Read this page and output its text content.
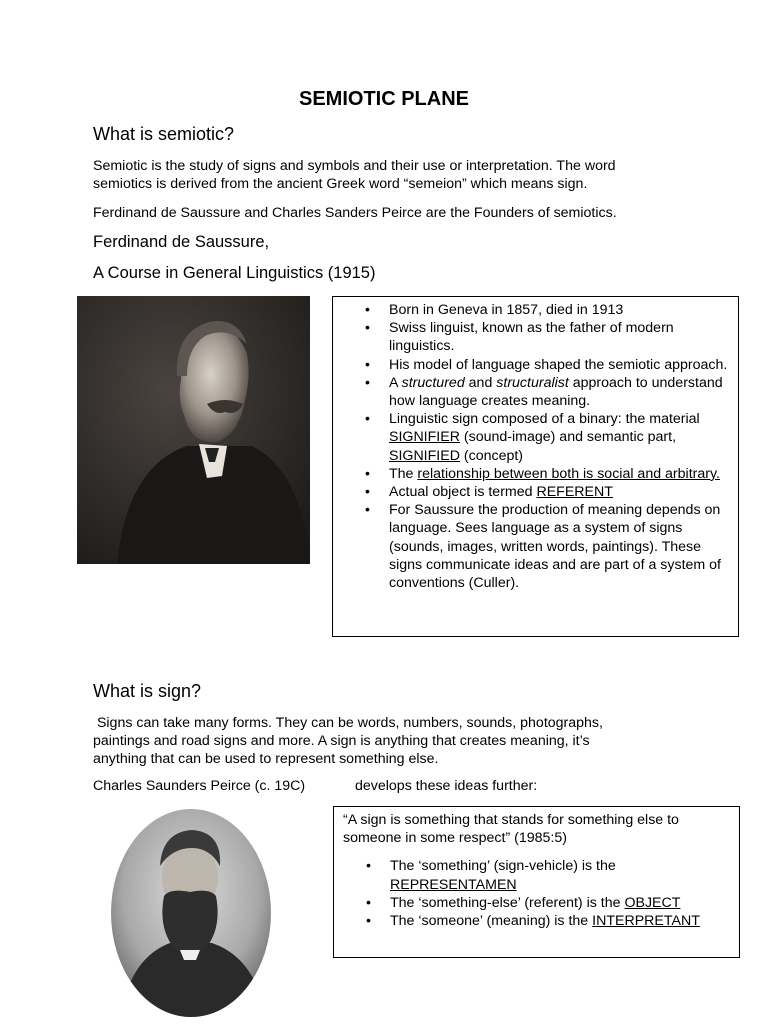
SEMIOTIC PLANE
What is semiotic?
Semiotic is the study of signs and symbols and their use or interpretation. The word
semiotics is derived from the ancient Greek word “semeion” which means sign.
Ferdinand de Saussure and Charles Sanders Peirce are the Founders of semiotics.
Ferdinand de Saussure,
A Course in General Linguistics (1915)
•	Born in Geneva in 1857, died in 1913
•	Swiss linguist, known as the father of modern linguistics.
•	His model of language shaped the semiotic approach.
•	A structured and structuralist approach to understand how language creates meaning.
•	Linguistic sign composed of a binary: the material SIGNIFIER (sound-image) and semantic part, SIGNIFIED (concept)
•	The relationship between both is social and arbitrary.
•	Actual object is termed REFERENT
•	For Saussure the production of meaning depends on language. Sees language as a system of signs (sounds, images, written words, paintings). These signs communicate ideas and are part of a system of conventions (Culler).
What is sign?
Signs can take many forms. They can be words, numbers, sounds, photographs,
paintings and road signs and more. A sign is anything that creates meaning, it’s
anything that can be used to represent something else.
Charles Saunders Peirce (c. 19C)	develops these ideas further:
“A sign is something that stands for something else to someone in some respect” (1985:5)
•	The ‘something’ (sign-vehicle) is the REPRESENTAMEN
•	The ‘something-else’ (referent) is the OBJECT
•	The ‘someone’ (meaning) is the INTERPRETANT
